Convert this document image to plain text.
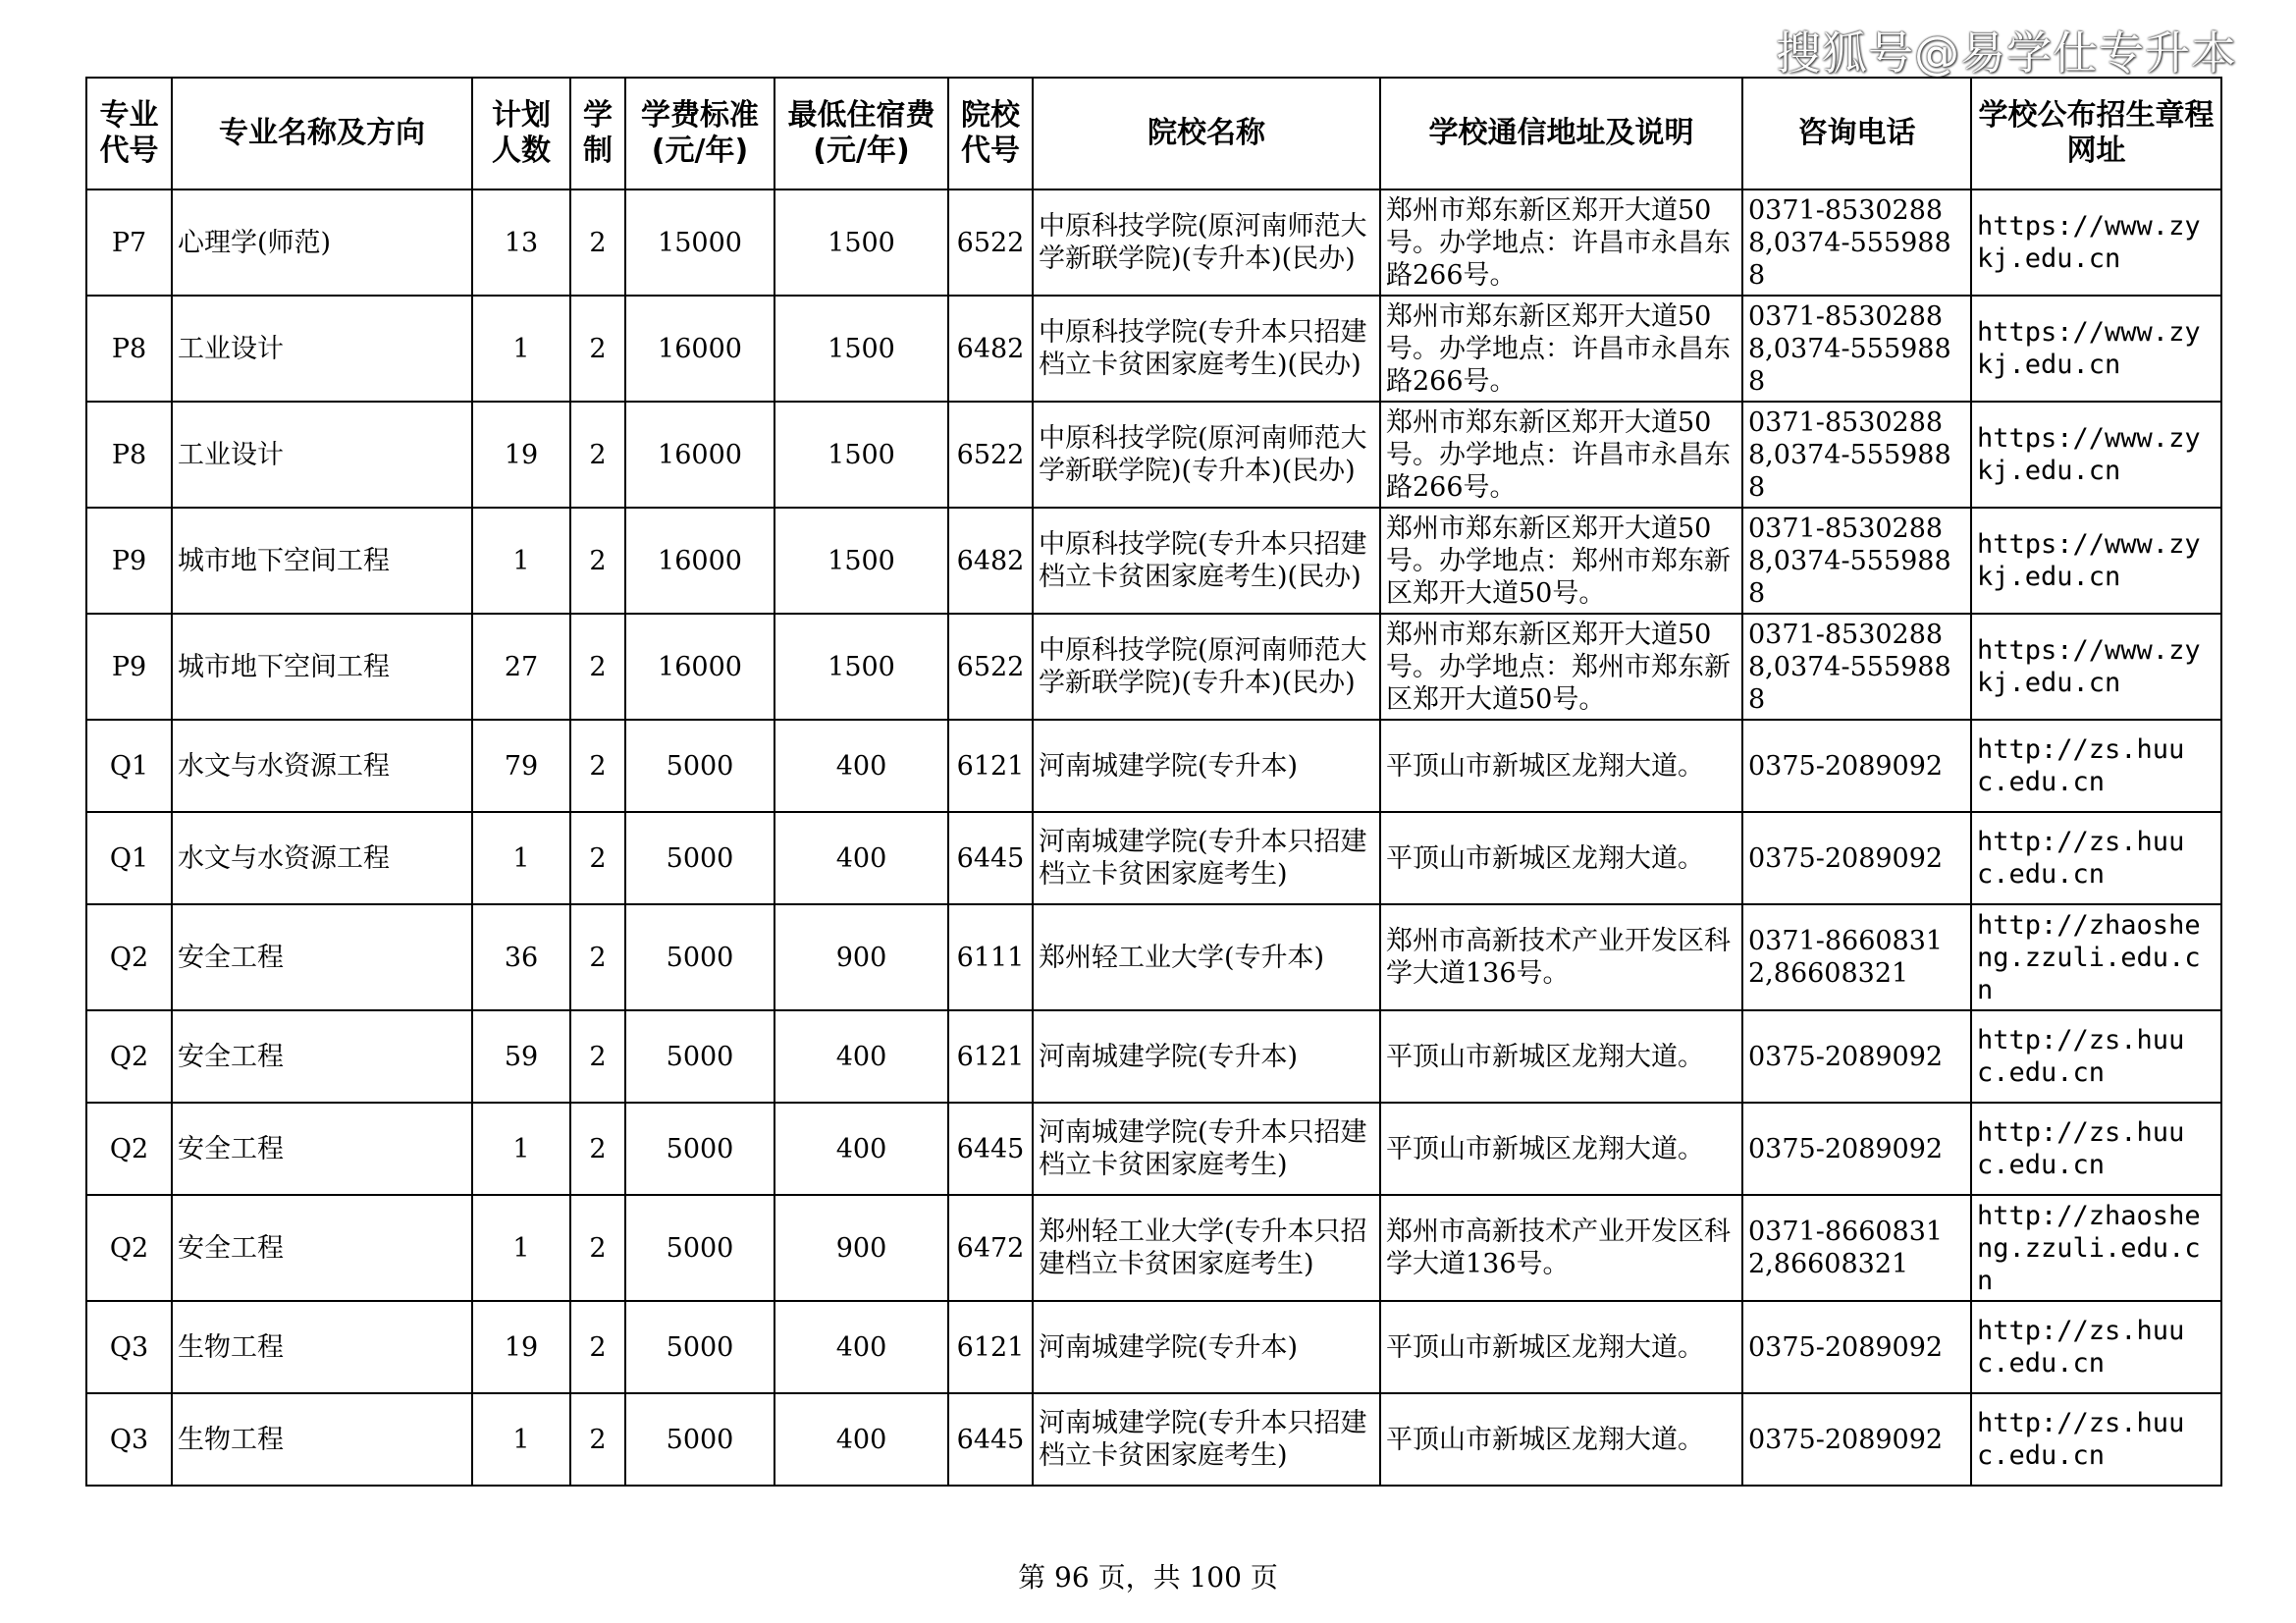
搜狐号@易学仕专升本
专业代号	专业名称及方向	计划人数	学制	学费标准(元/年)	最低住宿费(元/年)	院校代号	院校名称	学校通信地址及说明	咨询电话	学校公布招生章程网址
P7	心理学(师范)	13	2	15000	1500	6522	中原科技学院(原河南师范大学新联学院)(专升本)(民办)	郑州市郑东新区郑开大道50号。办学地点：许昌市永昌东路266号。	0371-85302888,0374-5559888	https://www.zykj.edu.cn
P8	工业设计	1	2	16000	1500	6482	中原科技学院(专升本只招建档立卡贫困家庭考生)(民办)	郑州市郑东新区郑开大道50号。办学地点：许昌市永昌东路266号。	0371-85302888,0374-5559888	https://www.zykj.edu.cn
P8	工业设计	19	2	16000	1500	6522	中原科技学院(原河南师范大学新联学院)(专升本)(民办)	郑州市郑东新区郑开大道50号。办学地点：许昌市永昌东路266号。	0371-85302888,0374-5559888	https://www.zykj.edu.cn
P9	城市地下空间工程	1	2	16000	1500	6482	中原科技学院(专升本只招建档立卡贫困家庭考生)(民办)	郑州市郑东新区郑开大道50号。办学地点：郑州市郑东新区郑开大道50号。	0371-85302888,0374-5559888	https://www.zykj.edu.cn
P9	城市地下空间工程	27	2	16000	1500	6522	中原科技学院(原河南师范大学新联学院)(专升本)(民办)	郑州市郑东新区郑开大道50号。办学地点：郑州市郑东新区郑开大道50号。	0371-85302888,0374-5559888	https://www.zykj.edu.cn
Q1	水文与水资源工程	79	2	5000	400	6121	河南城建学院(专升本)	平顶山市新城区龙翔大道。	0375-2089092	http://zs.huuc.edu.cn
Q1	水文与水资源工程	1	2	5000	400	6445	河南城建学院(专升本只招建档立卡贫困家庭考生)	平顶山市新城区龙翔大道。	0375-2089092	http://zs.huuc.edu.cn
Q2	安全工程	36	2	5000	900	6111	郑州轻工业大学(专升本)	郑州市高新技术产业开发区科学大道136号。	0371-86608312,86608321	http://zhaosheng.zzuli.edu.cn
Q2	安全工程	59	2	5000	400	6121	河南城建学院(专升本)	平顶山市新城区龙翔大道。	0375-2089092	http://zs.huuc.edu.cn
Q2	安全工程	1	2	5000	400	6445	河南城建学院(专升本只招建档立卡贫困家庭考生)	平顶山市新城区龙翔大道。	0375-2089092	http://zs.huuc.edu.cn
Q2	安全工程	1	2	5000	900	6472	郑州轻工业大学(专升本只招建档立卡贫困家庭考生)	郑州市高新技术产业开发区科学大道136号。	0371-86608312,86608321	http://zhaosheng.zzuli.edu.cn
Q3	生物工程	19	2	5000	400	6121	河南城建学院(专升本)	平顶山市新城区龙翔大道。	0375-2089092	http://zs.huuc.edu.cn
Q3	生物工程	1	2	5000	400	6445	河南城建学院(专升本只招建档立卡贫困家庭考生)	平顶山市新城区龙翔大道。	0375-2089092	http://zs.huuc.edu.cn
第 96 页，共 100 页
